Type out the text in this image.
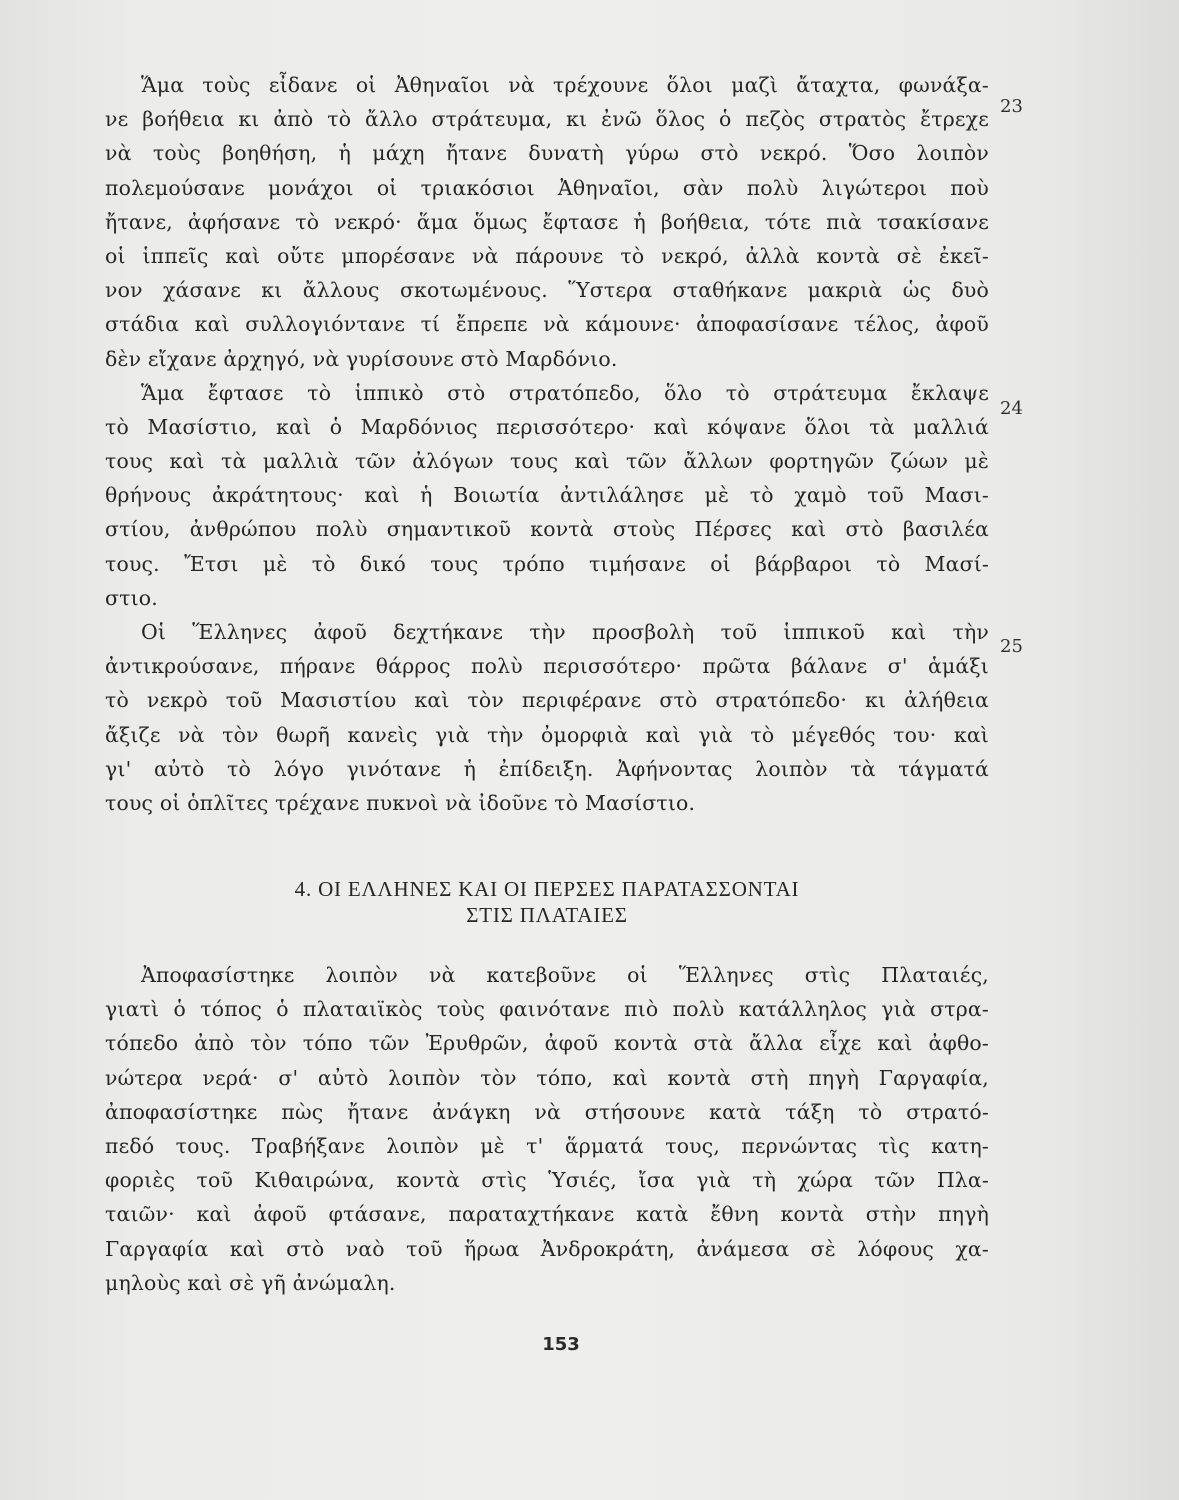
Ἅμα τοὺς εἶδανε οἱ Ἀθηναῖοι νὰ τρέχουνε ὅλοι μαζὶ ἄταχτα, φωνάξα-
νε βοήθεια κι ἀπὸ τὸ ἄλλο στράτευμα, κι ἐνῶ ὅλος ὁ πεζὸς στρατὸς ἔτρεχε
νὰ τοὺς βοηθήση, ἡ μάχη ἤτανε δυνατὴ γύρω στὸ νεκρό. Ὅσο λοιπὸν
πολεμούσανε μονάχοι οἱ τριακόσιοι Ἀθηναῖοι, σὰν πολὺ λιγώτεροι ποὺ
ἤτανε, ἀφήσανε τὸ νεκρό· ἅμα ὅμως ἔφτασε ἡ βοήθεια, τότε πιὰ τσακίσανε
οἱ ἱππεῖς καὶ οὔτε μπορέσανε νὰ πάρουνε τὸ νεκρό, ἀλλὰ κοντὰ σὲ ἐκεῖ-
νον χάσανε κι ἄλλους σκοτωμένους. Ὕστερα σταθήκανε μακριὰ ὡς δυὸ
στάδια καὶ συλλογιόντανε τί ἔπρεπε νὰ κάμουνε· ἀποφασίσανε τέλος, ἀφοῦ
δὲν εἴχανε ἀρχηγό, νὰ γυρίσουνε στὸ Μαρδόνιο.
Ἅμα ἔφτασε τὸ ἱππικὸ στὸ στρατόπεδο, ὅλο τὸ στράτευμα ἔκλαψε
τὸ Μασίστιο, καὶ ὁ Μαρδόνιος περισσότερο· καὶ κόψανε ὅλοι τὰ μαλλιά
τους καὶ τὰ μαλλιὰ τῶν ἀλόγων τους καὶ τῶν ἄλλων φορτηγῶν ζώων μὲ
θρήνους ἀκράτητους· καὶ ἡ Βοιωτία ἀντιλάλησε μὲ τὸ χαμὸ τοῦ Μασι-
στίου, ἀνθρώπου πολὺ σημαντικοῦ κοντὰ στοὺς Πέρσες καὶ στὸ βασιλέα
τους. Ἔτσι μὲ τὸ δικό τους τρόπο τιμήσανε οἱ βάρβαροι τὸ Μασί-
στιο.
Οἱ Ἕλληνες ἀφοῦ δεχτήκανε τὴν προσβολὴ τοῦ ἱππικοῦ καὶ τὴν
ἀντικρούσανε, πήρανε θάρρος πολὺ περισσότερο· πρῶτα βάλανε σ' ἁμάξι
τὸ νεκρὸ τοῦ Μασιστίου καὶ τὸν περιφέρανε στὸ στρατόπεδο· κι ἀλήθεια
ἄξιζε νὰ τὸν θωρῆ κανεὶς γιὰ τὴν ὀμορφιὰ καὶ γιὰ τὸ μέγεθός του· καὶ
γι' αὐτὸ τὸ λόγο γινότανε ἡ ἐπίδειξη. Ἀφήνοντας λοιπὸν τὰ τάγματά
τους οἱ ὁπλῖτες τρέχανε πυκνοὶ νὰ ἰδοῦνε τὸ Μασίστιο.
23
24
25
4. ΟΙ ΕΛΛΗΝΕΣ ΚΑΙ ΟΙ ΠΕΡΣΕΣ ΠΑΡΑΤΑΣΣΟΝΤΑΙ
ΣΤΙΣ ΠΛΑΤΑΙΕΣ
Ἀποφασίστηκε λοιπὸν νὰ κατεβοῦνε οἱ Ἕλληνες στὶς Πλαταιές,
γιατὶ ὁ τόπος ὁ πλαταιϊκὸς τοὺς φαινότανε πιὸ πολὺ κατάλληλος γιὰ στρα-
τόπεδο ἀπὸ τὸν τόπο τῶν Ἐρυθρῶν, ἀφοῦ κοντὰ στὰ ἄλλα εἶχε καὶ ἀφθο-
νώτερα νερά· σ' αὐτὸ λοιπὸν τὸν τόπο, καὶ κοντὰ στὴ πηγὴ Γαργαφία,
ἀποφασίστηκε πὼς ἤτανε ἀνάγκη νὰ στήσουνε κατὰ τάξη τὸ στρατό-
πεδό τους. Τραβήξανε λοιπὸν μὲ τ' ἅρματά τους, περνώντας τὶς κατη-
φοριὲς τοῦ Κιθαιρώνα, κοντὰ στὶς Ὑσιές, ἴσα γιὰ τὴ χώρα τῶν Πλα-
ταιῶν· καὶ ἀφοῦ φτάσανε, παραταχτήκανε κατὰ ἔθνη κοντὰ στὴν πηγὴ
Γαργαφία καὶ στὸ ναὸ τοῦ ἥρωα Ἀνδροκράτη, ἀνάμεσα σὲ λόφους χα-
μηλοὺς καὶ σὲ γῆ ἀνώμαλη.
153
